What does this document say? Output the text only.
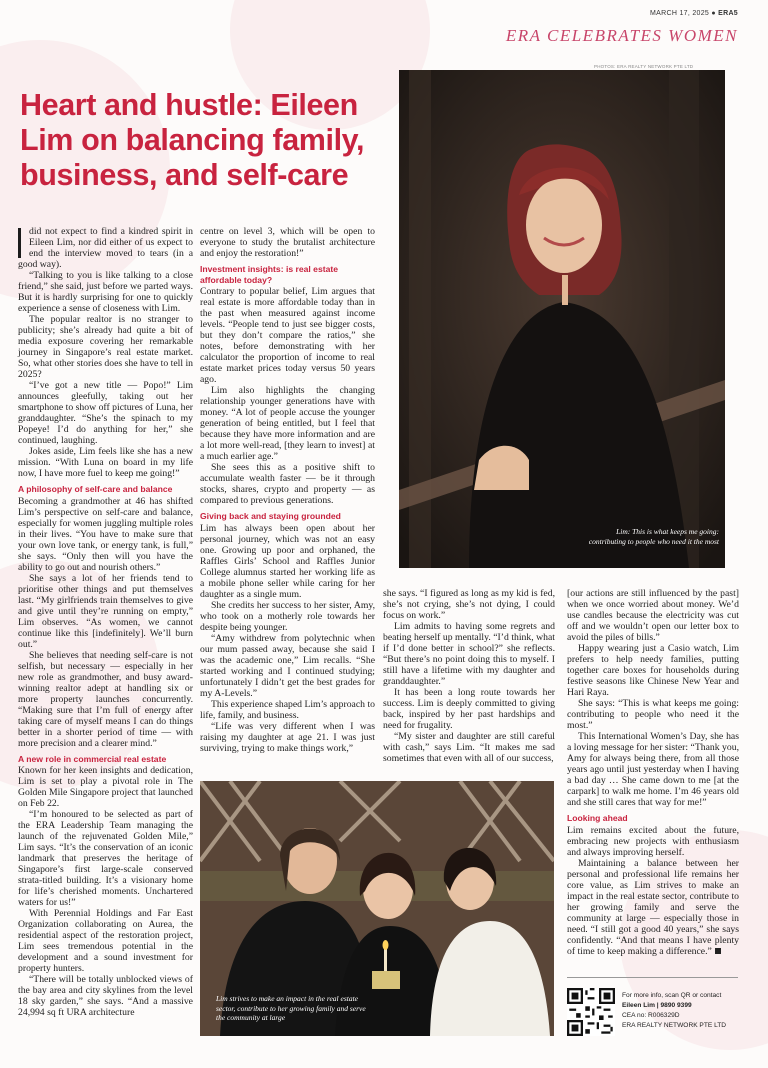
MARCH 17, 2025 ● ERA5
ERA CELEBRATES WOMEN
Heart and hustle: Eileen Lim on balancing family, business, and self-care
PHOTOS: ERA REALTY NETWORK PTE LTD
Lim: This is what keeps me going: contributing to people who need it the most

did not expect to find a kindred spirit in Eileen Lim, nor did either of us expect to end the interview moved to tears (in a good way).

“Talking to you is like talking to a close friend,” she said, just before we parted ways. But it is hardly surprising for one to quickly experience a sense of closeness with Lim.

The popular realtor is no stranger to publicity; she’s already had quite a bit of media exposure covering her remarkable journey in Singapore’s real estate market. So, what other stories does she have to tell in 2025?

“I’ve got a new title — Popo!” Lim announces gleefully, taking out her smartphone to show off pictures of Luna, her granddaughter. “She’s the spinach to my Popeye! I’d do anything for her,” she continued, laughing.

Jokes aside, Lim feels like she has a new mission. “With Luna on board in my life now, I have more fuel to keep me going!”

A philosophy of self-care and balance

Becoming a grandmother at 46 has shifted Lim’s perspective on self-care and balance, especially for women juggling multiple roles in their lives. “You have to make sure that your own love tank, or energy tank, is full,” she says. “Only then will you have the ability to go out and nourish others.”

She says a lot of her friends tend to prioritise other things and put themselves last. “My girlfriends train themselves to give and give until they’re running on empty,” Lim observes. “As women, we cannot continue like this [indefinitely]. We’ll burn out.”

She believes that needing self-care is not selfish, but necessary — especially in her new role as grandmother, and busy award-winning realtor adept at handling six or more property launches concurrently. “Making sure that I’m full of energy after taking care of myself means I can do things better in a shorter period of time — with more precision and a clearer mind.”

A new role in commercial real estate

Known for her keen insights and dedication, Lim is set to play a pivotal role in The Golden Mile Singapore project that launched on Feb 22.

“I’m honoured to be selected as part of the ERA Leadership Team managing the launch of the rejuvenated Golden Mile,” Lim says. “It’s the conservation of an iconic landmark that preserves the heritage of Singapore’s first large-scale conserved strata-titled building. It’s a visionary home for life’s cherished moments. Unchartered waters for us!”

With Perennial Holdings and Far East Organization collaborating on Aurea, the residential aspect of the restoration project, Lim sees tremendous potential in the development and a sound investment for property hunters.

“There will be totally unblocked views of the bay area and city skylines from the level 18 sky garden,” she says. “And a massive 24,994 sq ft URA architecture

centre on level 3, which will be open to everyone to study the brutalist architecture and enjoy the restoration!”

Investment insights: is real estate affordable today?

Contrary to popular belief, Lim argues that real estate is more affordable today than in the past when measured against income levels. “People tend to just see bigger costs, but they don’t compare the ratios,” she notes, before demonstrating with her calculator the proportion of income to real estate market prices today versus 50 years ago.

Lim also highlights the changing relationship younger generations have with money. “A lot of people accuse the younger generation of being entitled, but I feel that because they have more information and are a lot more well-read, [they learn to invest] at a much earlier age.”

She sees this as a positive shift to accumulate wealth faster — be it through stocks, shares, crypto and property — as compared to previous generations.

Giving back and staying grounded

Lim has always been open about her personal journey, which was not an easy one. Growing up poor and orphaned, the Raffles Girls’ School and Raffles Junior College alumnus started her working life as a mobile phone seller while caring for her daughter as a single mum.

She credits her success to her sister, Amy, who took on a motherly role towards her despite being younger.

“Amy withdrew from polytechnic when our mum passed away, because she said I was the academic one,” Lim recalls. “She started working and I continued studying; unfortunately I didn’t get the best grades for my A-Levels.”

This experience shaped Lim’s approach to life, family, and business.

“Life was very different when I was raising my daughter at age 21. I was just surviving, trying to make things work,”

she says. “I figured as long as my kid is fed, she’s not crying, she’s not dying, I could focus on work.”

Lim admits to having some regrets and beating herself up mentally. “I’d think, what if I’d done better in school?” she reflects. “But there’s no point doing this to myself. I still have a lifetime with my daughter and granddaughter.”

It has been a long route towards her success. Lim is deeply committed to giving back, inspired by her past hardships and need for frugality.

“My sister and daughter are still careful with cash,” says Lim. “It makes me sad sometimes that even with all of our success,

[our actions are still influenced by the past] when we once worried about money. We’d use candles because the electricity was cut off and we wouldn’t open our letter box to avoid the piles of bills.”

Happy wearing just a Casio watch, Lim prefers to help needy families, putting together care boxes for households during festive seasons like Chinese New Year and Hari Raya.

She says: “This is what keeps me going: contributing to people who need it the most.”

This International Women’s Day, she has a loving message for her sister: “Thank you, Amy for always being there, from all those years ago until just yesterday when I having a bad day … She came down to me [at the carpark] to walk me home. I’m 46 years old and she still cares that way for me!”

Looking ahead

Lim remains excited about the future, embracing new projects with enthusiasm and always improving herself.

Maintaining a balance between her personal and professional life remains her core value, as Lim strives to make an impact in the real estate sector, contribute to her growing family and serve the community at large — especially those in need. “I still got a good 40 years,” she says confidently. “And that means I have plenty of time to keep making a difference.”

Lim strives to make an impact in the real estate sector, contribute to her growing family and serve the community at large
For more info, scan QR or contact
Eileen Lim | 9890 9399
CEA no: R006329D
ERA REALTY NETWORK PTE LTD
